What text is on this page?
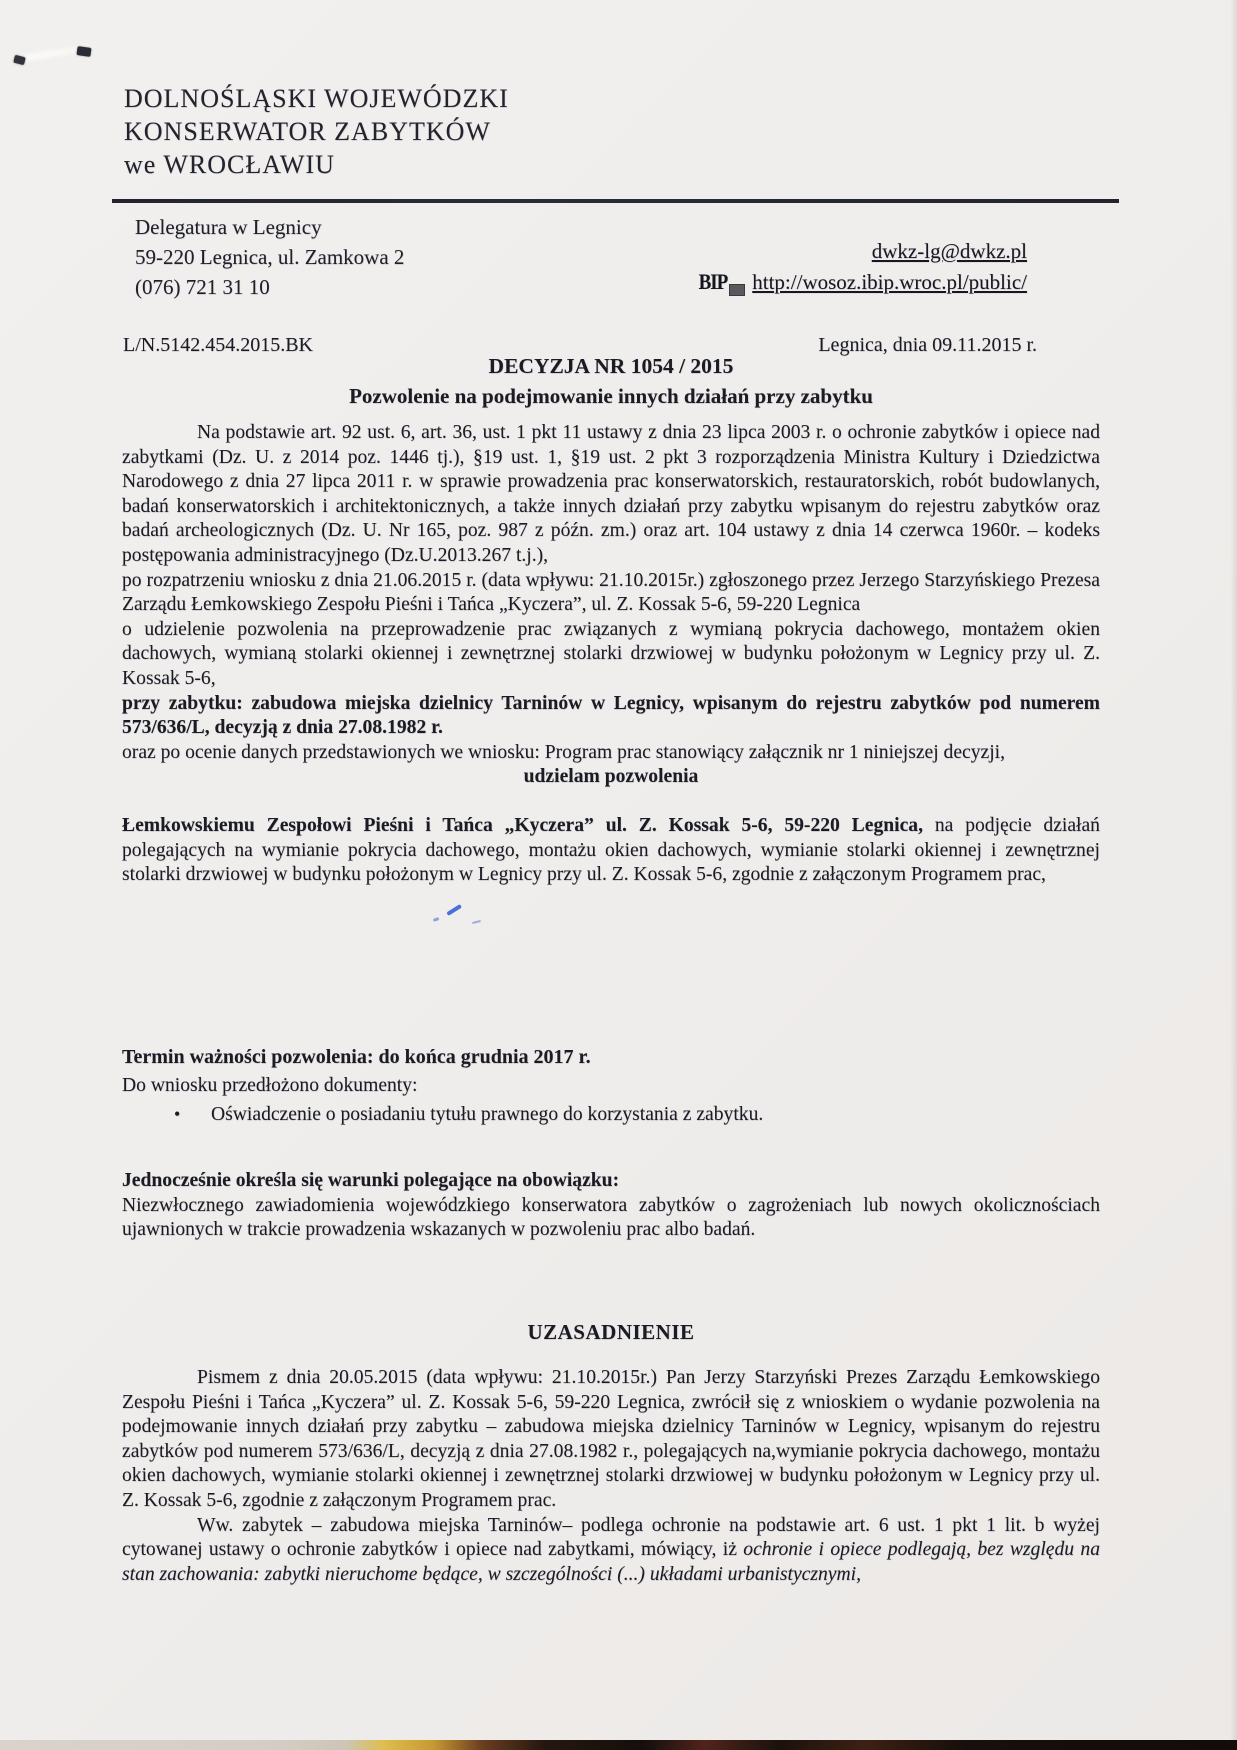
DOLNOŚLĄSKI WOJEWÓDZKI
KONSERWATOR ZABYTKÓW
we WROCŁAWIU
Delegatura w Legnicy
59-220 Legnica, ul. Zamkowa 2
(076) 721 31 10
dwkz-lg@dwkz.pl
BIP http://wosoz.ibip.wroc.pl/public/
L/N.5142.454.2015.BK	Legnica, dnia 09.11.2015 r.
DECYZJA NR 1054 / 2015
Pozwolenie na podejmowanie innych działań przy zabytku

Na podstawie art. 92 ust. 6, art. 36, ust. 1 pkt 11 ustawy z dnia 23 lipca 2003 r. o ochronie zabytków i opiece nad zabytkami (Dz. U. z 2014 poz. 1446 tj.), §19 ust. 1, §19 ust. 2 pkt 3 rozporządzenia Ministra Kultury i Dziedzictwa Narodowego z dnia 27 lipca 2011 r. w sprawie prowadzenia prac konserwatorskich, restauratorskich, robót budowlanych, badań konserwatorskich i architektonicznych, a także innych działań przy zabytku wpisanym do rejestru zabytków oraz badań archeologicznych (Dz. U. Nr 165, poz. 987 z późn. zm.) oraz art. 104 ustawy z dnia 14 czerwca 1960r. – kodeks postępowania administracyjnego (Dz.U.2013.267 t.j.),

po rozpatrzeniu wniosku z dnia 21.06.2015 r. (data wpływu: 21.10.2015r.) zgłoszonego przez Jerzego Starzyńskiego Prezesa Zarządu Łemkowskiego Zespołu Pieśni i Tańca „Kyczera”, ul. Z. Kossak 5-6, 59-220 Legnica

o udzielenie pozwolenia na przeprowadzenie prac związanych z wymianą pokrycia dachowego, montażem okien dachowych, wymianą stolarki okiennej i zewnętrznej stolarki drzwiowej w budynku położonym w Legnicy przy ul. Z. Kossak 5-6,

przy zabytku: zabudowa miejska dzielnicy Tarninów w Legnicy, wpisanym do rejestru zabytków pod numerem 573/636/L, decyzją z dnia 27.08.1982 r.

oraz po ocenie danych przedstawionych we wniosku: Program prac stanowiący załącznik nr 1 niniejszej decyzji,

udzielam pozwolenia

Łemkowskiemu Zespołowi Pieśni i Tańca „Kyczera” ul. Z. Kossak 5-6, 59-220 Legnica, na podjęcie działań polegających na wymianie pokrycia dachowego, montażu okien dachowych, wymianie stolarki okiennej i zewnętrznej stolarki drzwiowej w budynku położonym w Legnicy przy ul. Z. Kossak 5-6, zgodnie z załączonym Programem prac,

Termin ważności pozwolenia: do końca grudnia 2017 r.

Do wniosku przedłożono dokumenty:

•	Oświadczenie o posiadaniu tytułu prawnego do korzystania z zabytku.

Jednocześnie określa się warunki polegające na obowiązku:

Niezwłocznego zawiadomienia wojewódzkiego konserwatora zabytków o zagrożeniach lub nowych okolicznościach ujawnionych w trakcie prowadzenia wskazanych w pozwoleniu prac albo badań.

UZASADNIENIE

Pismem z dnia 20.05.2015 (data wpływu: 21.10.2015r.) Pan Jerzy Starzyński Prezes Zarządu Łemkowskiego Zespołu Pieśni i Tańca „Kyczera” ul. Z. Kossak 5-6, 59-220 Legnica, zwrócił się z wnioskiem o wydanie pozwolenia na podejmowanie innych działań przy zabytku – zabudowa miejska dzielnicy Tarninów w Legnicy, wpisanym do rejestru zabytków pod numerem 573/636/L, decyzją z dnia 27.08.1982 r., polegających na,wymianie pokrycia dachowego, montażu okien dachowych, wymianie stolarki okiennej i zewnętrznej stolarki drzwiowej w budynku położonym w Legnicy przy ul. Z. Kossak 5-6, zgodnie z załączonym Programem prac.

Ww. zabytek – zabudowa miejska Tarninów– podlega ochronie na podstawie art. 6 ust. 1 pkt 1 lit. b wyżej cytowanej ustawy o ochronie zabytków i opiece nad zabytkami, mówiący, iż ochronie i opiece podlegają, bez względu na stan zachowania: zabytki nieruchome będące, w szczególności (...) układami urbanistycznymi,
